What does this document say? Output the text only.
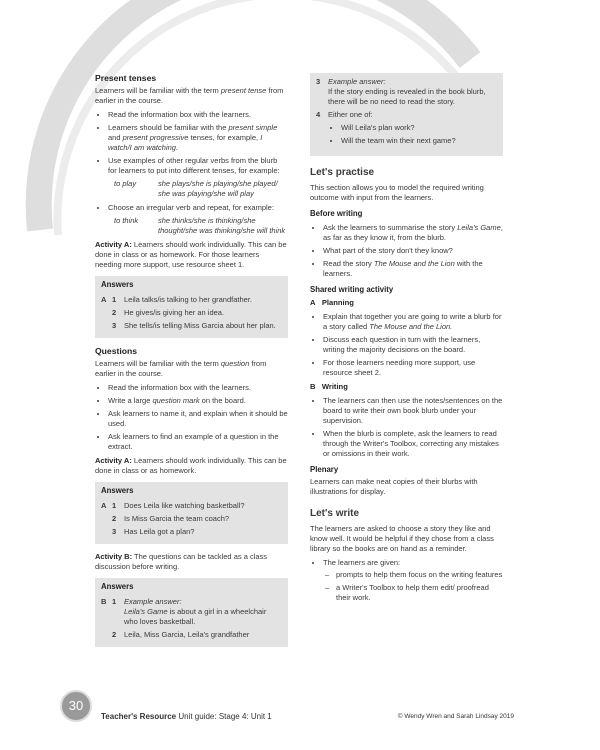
Present tenses

Learners will be familiar with the term present tense from earlier in the course.

• Read the information box with the learners.
• Learners should be familiar with the present simple and present progressive tenses, for example, I watch/I am watching.
• Use examples of other regular verbs from the blurb for learners to put into different tenses, for example:
to play	she plays/she is playing/she played/ she was playing/she will play
• Choose an irregular verb and repeat, for example:
to think	she thinks/she is thinking/she thought/she was thinking/she will think

Activity A: Learners should work individually. This can be done in class or as homework. For those learners needing more support, use resource sheet 1.

Answers
A 1	Leila talks/is talking to her grandfather.
2	He gives/is giving her an idea.
3	She tells/is telling Miss Garcia about her plan.
Questions

Learners will be familiar with the term question from earlier in the course.

• Read the information box with the learners.
• Write a large question mark on the board.
• Ask learners to name it, and explain when it should be used.
• Ask learners to find an example of a question in the extract.

Activity A: Learners should work individually. This can be done in class or as homework.

Answers
A 1	Does Leila like watching basketball?
2	Is Miss Garcia the team coach?
3	Has Leila got a plan?

Activity B: The questions can be tackled as a class discussion before writing.

Answers
B 1	Example answer:
Leila's Game is about a girl in a wheelchair who loves basketball.
2	Leila, Miss Garcia, Leila's grandfather
3	Example answer:
If the story ending is revealed in the book blurb, there will be no need to read the story.
4	Either one of:
• Will Leila's plan work?
• Will the team win their next game?
Let's practise

This section allows you to model the required writing outcome with input from the learners.

Before writing
• Ask the learners to summarise the story Leila's Game, as far as they know it, from the blurb.
• What part of the story don't they know?
• Read the story The Mouse and the Lion with the learners.
Shared writing activity
A Planning
• Explain that together you are going to write a blurb for a story called The Mouse and the Lion.
• Discuss each question in turn with the learners, writing the majority decisions on the board.
• For those learners needing more support, use resource sheet 2.
B Writing
• The learners can then use the notes/sentences on the board to write their own book blurb under your supervision.
• When the blurb is complete, ask the learners to read through the Writer's Toolbox, correcting any mistakes or omissions in their work.
Plenary

Learners can make neat copies of their blurbs with illustrations for display.

Let's write

The learners are asked to choose a story they like and know well. It would be helpful if they chose from a class library so the books are on hand as a reminder.

• The learners are given:
– prompts to help them focus on the writing features
– a Writer's Toolbox to help them edit/ proofread their work.
30
Teacher's Resource Unit guide: Stage 4: Unit 1	© Wendy Wren and Sarah Lindsay 2019
